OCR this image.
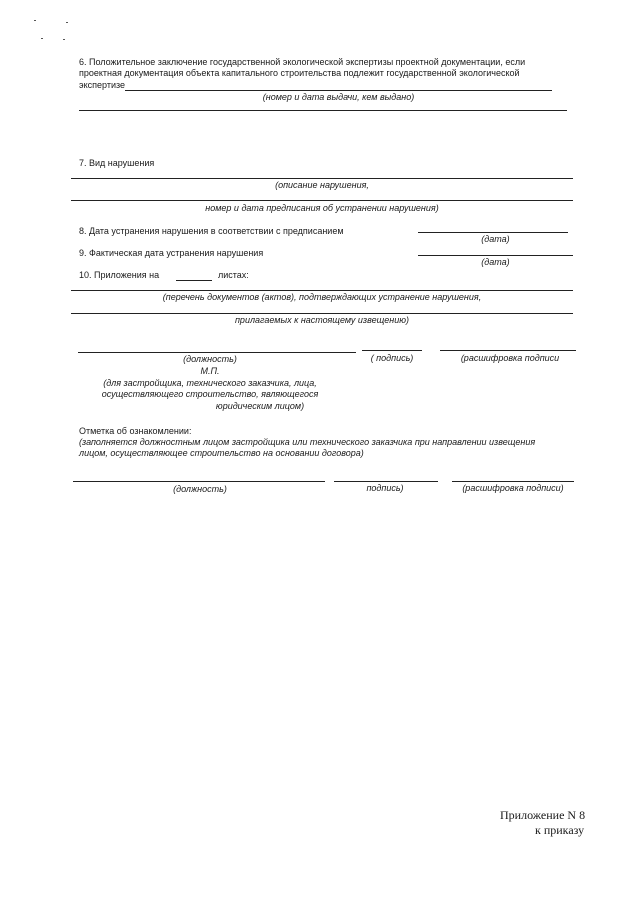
6. Положительное заключение государственной экологической экспертизы проектной документации, если
проектная документация объекта капитального строительства подлежит государственной экологической
экспертизе
(номер и дата выдачи, кем выдано)
7. Вид нарушения
(описание нарушения,
номер и дата предписания об устранении нарушения)
8. Дата устранения нарушения в соответствии с предписанием
(дата)
9. Фактическая дата устранения нарушения
(дата)
10. Приложения на	листах:
(перечень документов (актов), подтверждающих устранение нарушения,
прилагаемых к настоящему извещению)
(должность)	( подпись)	(расшифровка подписи
М.П.
(для застройщика, технического заказчика, лица,
осуществляющего строительство, являющегося
юридическим лицом)
Отметка об ознакомлении:
(заполняется должностным лицом застройщика или технического заказчика при направлении извещения
лицом, осуществляющее строительство на основании договора)
(должность)	подпись)	(расшифровка подписи)
Приложение N 8
к приказу
